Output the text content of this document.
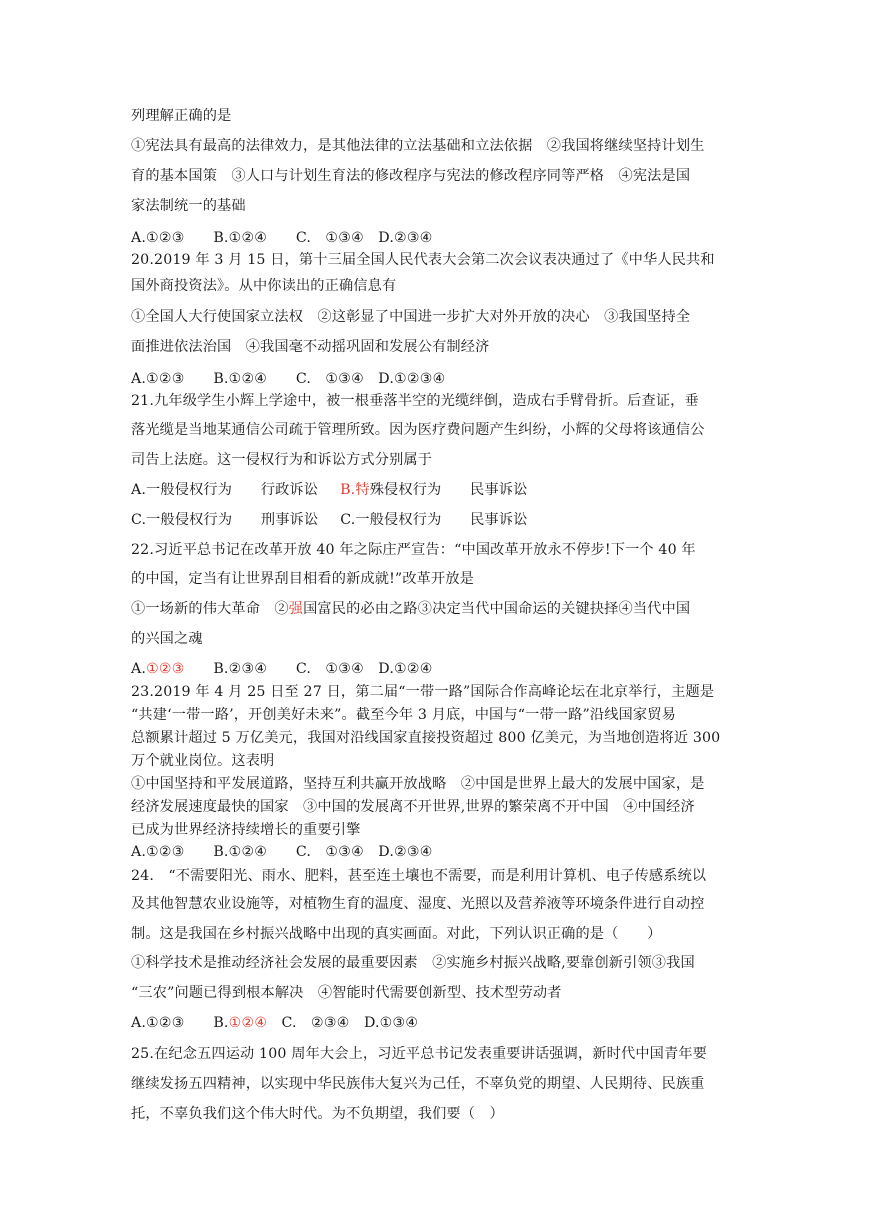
列理解正确的是

①宪法具有最高的法律效力，是其他法律的立法基础和立法依据　②我国将继续坚持计划生

育的基本国策　③人口与计划生育法的修改程序与宪法的修改程序同等严格　④宪法是国

家法制统一的基础

A.①②③　　B.①②④　　C.　①③④　D.②③④

20.2019 年 3 月 15 日，第十三届全国人民代表大会第二次会议表决通过了《中华人民共和

国外商投资法》。从中你读出的正确信息有

①全国人大行使国家立法权　②这彰显了中国进一步扩大对外开放的决心　③我国坚持全

面推进依法治国　④我国毫不动摇巩固和发展公有制经济

A.①②③　　B.①②④　　C.　①③④　D.①②③④

21.九年级学生小辉上学途中，被一根垂落半空的光缆绊倒，造成右手臂骨折。后查证，垂

落光缆是当地某通信公司疏于管理所致。因为医疗费问题产生纠纷，小辉的父母将该通信公

司告上法庭。这一侵权行为和诉讼方式分别属于

A.一般侵权行为　　行政诉讼 B.特殊侵权行为　　民事诉讼

C.一般侵权行为　　刑事诉讼 C.一般侵权行为　　民事诉讼

22.习近平总书记在改革开放 40 年之际庄严宣告：“中国改革开放永不停步!下一个 40 年

的中国，定当有让世界刮目相看的新成就!”改革开放是

①一场新的伟大革命　②强国富民的必由之路③决定当代中国命运的关键抉择④当代中国

的兴国之魂

A.①②③　　B.②③④　　C.　①③④　D.①②④

23.2019 年 4 月 25 日至 27 日，第二届“一带一路”国际合作高峰论坛在北京举行，主题是

“共建‘一带一路’，开创美好未来”。截至今年 3 月底，中国与“一带一路”沿线国家贸易

总额累计超过 5 万亿美元，我国对沿线国家直接投资超过 800 亿美元，为当地创造将近 300

万个就业岗位。这表明

①中国坚持和平发展道路，坚持互利共赢开放战略　②中国是世界上最大的发展中国家，是

经济发展速度最快的国家　③中国的发展离不开世界,世界的繁荣离不开中国　④中国经济

已成为世界经济持续增长的重要引擎

A.①②③　　B.①②④　　C.　①③④　D.②③④

24.　“不需要阳光、雨水、肥料，甚至连土壤也不需要，而是利用计算机、电子传感系统以

及其他智慧农业设施等，对植物生育的温度、湿度、光照以及营养液等环境条件进行自动控

制。这是我国在乡村振兴战略中出现的真实画面。对此，下列认识正确的是（　　）

①科学技术是推动经济社会发展的最重要因素　②实施乡村振兴战略,要靠创新引领③我国

“三农”问题已得到根本解决　④智能时代需要创新型、技术型劳动者

A.①②③　　B.①②④　C.　②③④　D.①③④

25.在纪念五四运动 100 周年大会上，习近平总书记发表重要讲话强调，新时代中国青年要

继续发扬五四精神，以实现中华民族伟大复兴为己任，不辜负党的期望、人民期待、民族重

托，不辜负我们这个伟大时代。为不负期望，我们要（　）
